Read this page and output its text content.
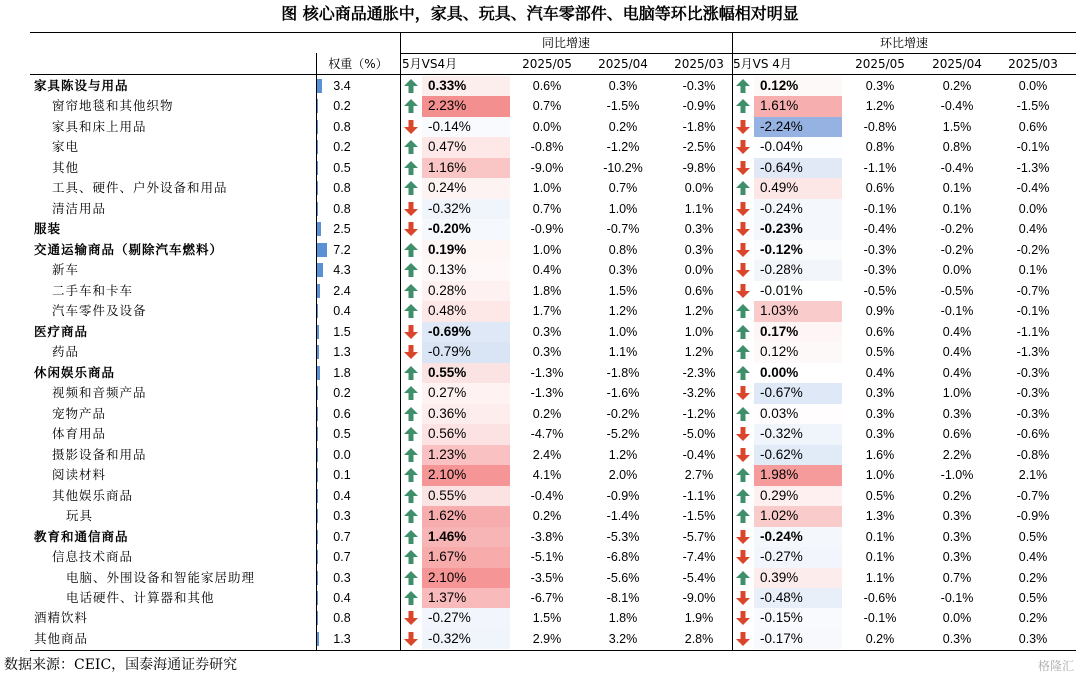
图 核心商品通胀中，家具、玩具、汽车零部件、电脑等环比涨幅相对明显
同比增速	环比增速
权重（%）	5月VS4月	2025/05	2025/04	2025/03 5月VS 4月	2025/05	2025/04	2025/03
家具陈设与用品	3.4	0.33%	0.6%	0.3%	-0.3%	0.12%	0.3%	0.2%	0.0%
窗帘地毯和其他织物	0.2	2.23%	0.7%	-1.5%	-0.9%	1.61%	1.2%	-0.4%	-1.5%
家具和床上用品	0.8	-0.14%	0.0%	0.2%	-1.8%	-2.24%	-0.8%	1.5%	0.6%
家电	0.2	0.47%	-0.8%	-1.2%	-2.5%	-0.04%	0.8%	0.8%	-0.1%
其他	0.5	1.16%	-9.0%	-10.2%	-9.8%	-0.64%	-1.1%	-0.4%	-1.3%
工具、硬件、户外设备和用品	0.8	0.24%	1.0%	0.7%	0.0%	0.49%	0.6%	0.1%	-0.4%
清洁用品	0.8	-0.32%	0.7%	1.0%	1.1%	-0.24%	-0.1%	0.1%	0.0%
服装	2.5	-0.20%	-0.9%	-0.7%	0.3%	-0.23%	-0.4%	-0.2%	0.4%
交通运输商品（剔除汽车燃料）	7.2	0.19%	1.0%	0.8%	0.3%	-0.12%	-0.3%	-0.2%	-0.2%
新车	4.3	0.13%	0.4%	0.3%	0.0%	-0.28%	-0.3%	0.0%	0.1%
二手车和卡车	2.4	0.28%	1.8%	1.5%	0.6%	-0.01%	-0.5%	-0.5%	-0.7%
汽车零件及设备	0.4	0.48%	1.7%	1.2%	1.2%	1.03%	0.9%	-0.1%	-0.1%
医疗商品	1.5	-0.69%	0.3%	1.0%	1.0%	0.17%	0.6%	0.4%	-1.1%
药品	1.3	-0.79%	0.3%	1.1%	1.2%	0.12%	0.5%	0.4%	-1.3%
休闲娱乐商品	1.8	0.55%	-1.3%	-1.8%	-2.3%	0.00%	0.4%	0.4%	-0.3%
视频和音频产品	0.2	0.27%	-1.3%	-1.6%	-3.2%	-0.67%	0.3%	1.0%	-0.3%
宠物产品	0.6	0.36%	0.2%	-0.2%	-1.2%	0.03%	0.3%	0.3%	-0.3%
体育用品	0.5	0.56%	-4.7%	-5.2%	-5.0%	-0.32%	0.3%	0.6%	-0.6%
摄影设备和用品	0.0	1.23%	2.4%	1.2%	-0.4%	-0.62%	1.6%	2.2%	-0.8%
阅读材料	0.1	2.10%	4.1%	2.0%	2.7%	1.98%	1.0%	-1.0%	2.1%
其他娱乐商品	0.4	0.55%	-0.4%	-0.9%	-1.1%	0.29%	0.5%	0.2%	-0.7%
玩具	0.3	1.62%	0.2%	-1.4%	-1.5%	1.02%	1.3%	0.3%	-0.9%
教育和通信商品	0.7	1.46%	-3.8%	-5.3%	-5.7%	-0.24%	0.1%	0.3%	0.5%
信息技术商品	0.7	1.67%	-5.1%	-6.8%	-7.4%	-0.27%	0.1%	0.3%	0.4%
电脑、外围设备和智能家居助理	0.3	2.10%	-3.5%	-5.6%	-5.4%	0.39%	1.1%	0.7%	0.2%
电话硬件、计算器和其他	0.4	1.37%	-6.7%	-8.1%	-9.0%	-0.48%	-0.6%	-0.1%	0.5%
酒精饮料	0.8	-0.27%	1.5%	1.8%	1.9%	-0.15%	-0.1%	0.0%	0.2%
其他商品	1.3	-0.32%	2.9%	3.2%	2.8%	-0.17%	0.2%	0.3%	0.3%
数据来源：CEIC，国泰海通证券研究	格隆汇
